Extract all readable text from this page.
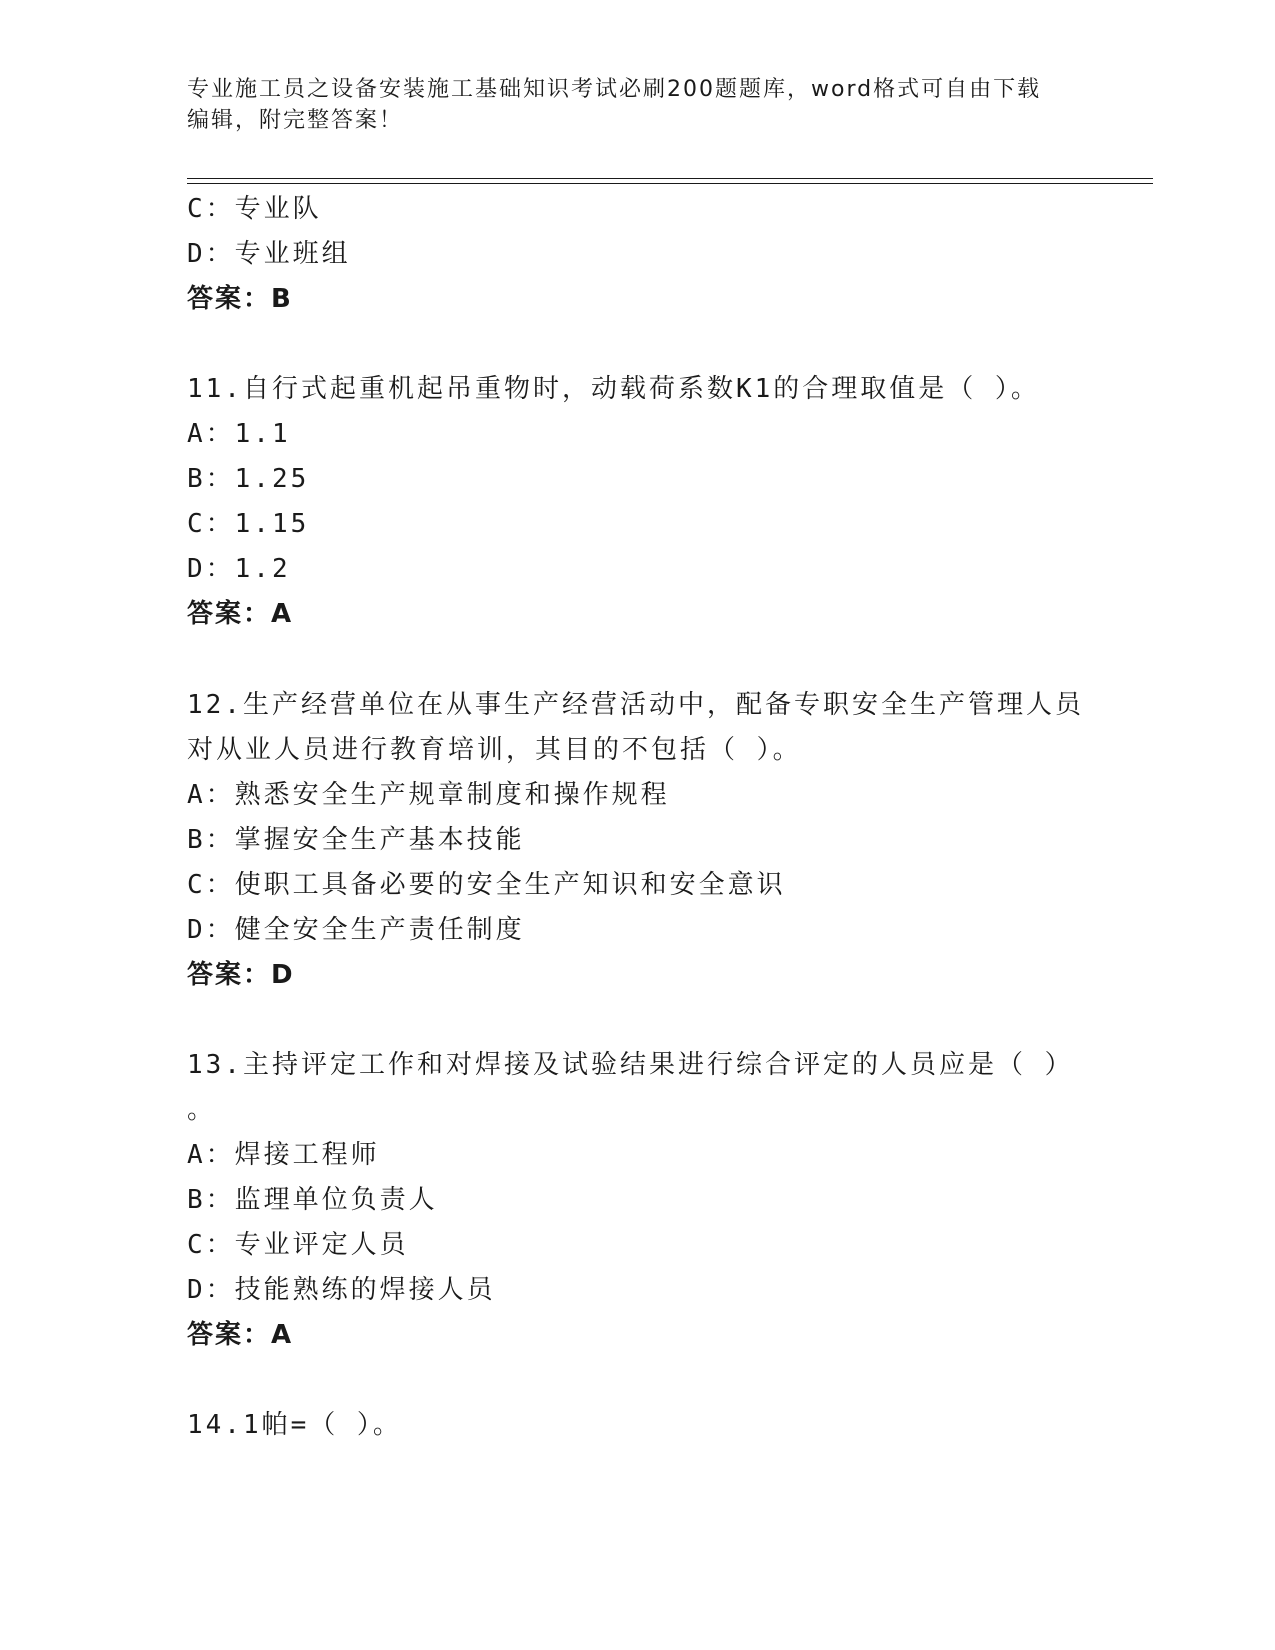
专业施工员之设备安装施工基础知识考试必刷200题题库，word格式可自由下载
编辑，附完整答案！
C：专业队
D：专业班组
答案：B
11.自行式起重机起吊重物时，动载荷系数K1的合理取值是（ ）。
A：1.1
B：1.25
C：1.15
D：1.2
答案：A
12.生产经营单位在从事生产经营活动中，配备专职安全生产管理人员
对从业人员进行教育培训，其目的不包括（ ）。
A：熟悉安全生产规章制度和操作规程
B：掌握安全生产基本技能
C：使职工具备必要的安全生产知识和安全意识
D：健全安全生产责任制度
答案：D
13.主持评定工作和对焊接及试验结果进行综合评定的人员应是（ ）
。
A：焊接工程师
B：监理单位负责人
C：专业评定人员
D：技能熟练的焊接人员
答案：A
14.1帕=（ ）。
